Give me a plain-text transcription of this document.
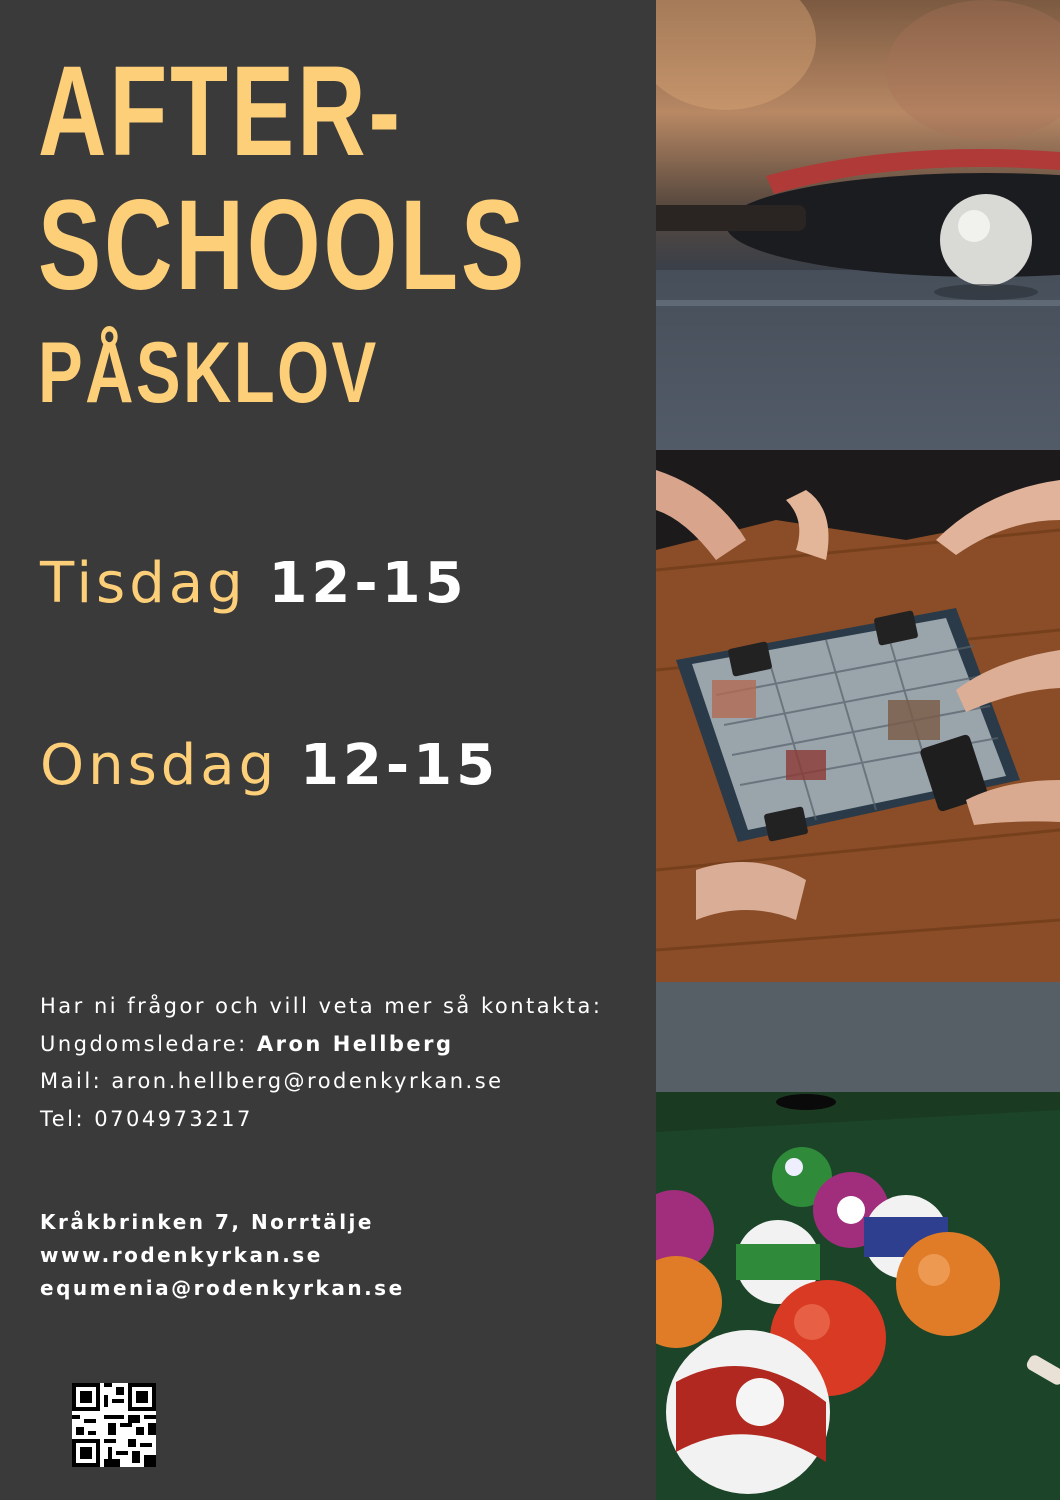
AFTER-
SCHOOLS
PÅSKLOV
Tisdag 12-15
Onsdag 12-15
Har ni frågor och vill veta mer så kontakta:

Ungdomsledare: Aron Hellberg
Mail: aron.hellberg@rodenkyrkan.se
Tel: 0704973217
Kråkbrinken 7, Norrtälje
www.rodenkyrkan.se
equmenia@rodenkyrkan.se
